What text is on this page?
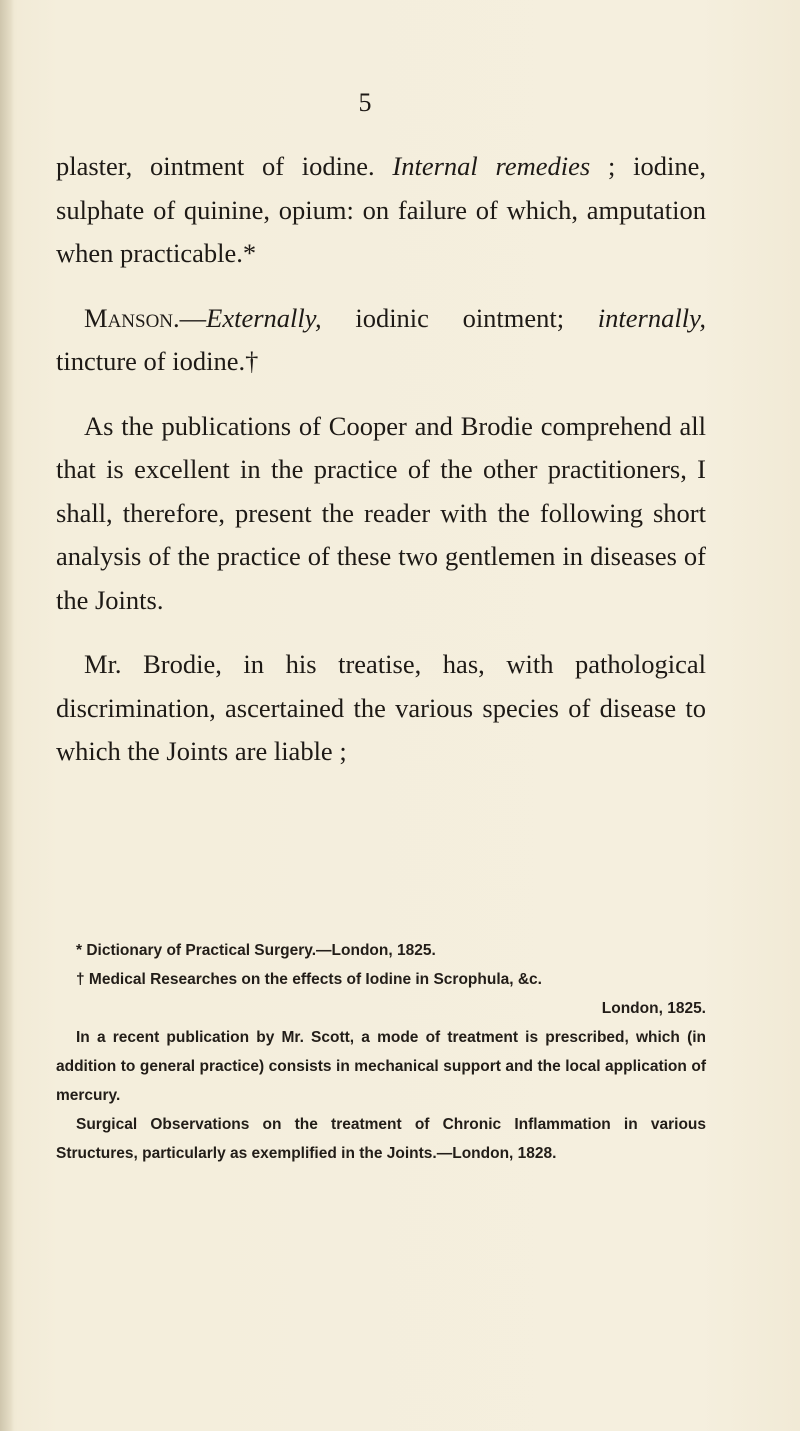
5

plaster, ointment of iodine. Internal remedies ; iodine, sulphate of quinine, opium: on failure of which, amputation when practicable.*

Manson.—Externally, iodinic ointment; internally, tincture of iodine.†

As the publications of Cooper and Brodie comprehend all that is excellent in the practice of the other practitioners, I shall, therefore, present the reader with the following short analysis of the practice of these two gentlemen in diseases of the Joints.

Mr. Brodie, in his treatise, has, with pathological discrimination, ascertained the various species of disease to which the Joints are liable ;

* Dictionary of Practical Surgery.—London, 1825.

† Medical Researches on the effects of Iodine in Scrophula, &c.

London, 1825.

In a recent publication by Mr. Scott, a mode of treatment is prescribed, which (in addition to general practice) consists in mechanical support and the local application of mercury.

Surgical Observations on the treatment of Chronic Inflammation in various Structures, particularly as exemplified in the Joints.—London, 1828.
